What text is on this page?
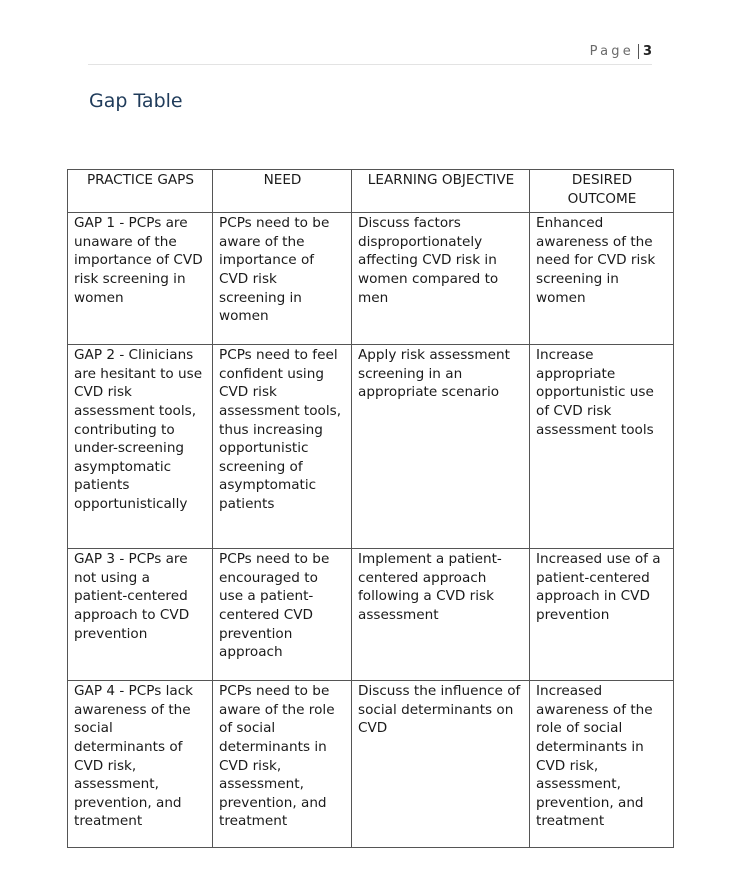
Page 3
Gap Table
PRACTICE GAPS	NEED	LEARNING OBJECTIVE	DESIRED OUTCOME
GAP 1 - PCPs are unaware of the importance of CVD risk screening in women	PCPs need to be aware of the importance of CVD risk screening in women	Discuss factors disproportionately affecting CVD risk in women compared to men	Enhanced awareness of the need for CVD risk screening in women
GAP 2 - Clinicians are hesitant to use CVD risk assessment tools, contributing to under-screening asymptomatic patients opportunistically	PCPs need to feel confident using CVD risk assessment tools, thus increasing opportunistic screening of asymptomatic patients	Apply risk assessment screening in an appropriate scenario	Increase appropriate opportunistic use of CVD risk assessment tools
GAP 3 - PCPs are not using a patient-centered approach to CVD prevention	PCPs need to be encouraged to use a patient-centered CVD prevention approach	Implement a patient-centered approach following a CVD risk assessment	Increased use of a patient-centered approach in CVD prevention
GAP 4 - PCPs lack awareness of the social determinants of CVD risk, assessment, prevention, and treatment	PCPs need to be aware of the role of social determinants in CVD risk, assessment, prevention, and treatment	Discuss the influence of social determinants on CVD	Increased awareness of the role of social determinants in CVD risk, assessment, prevention, and treatment
